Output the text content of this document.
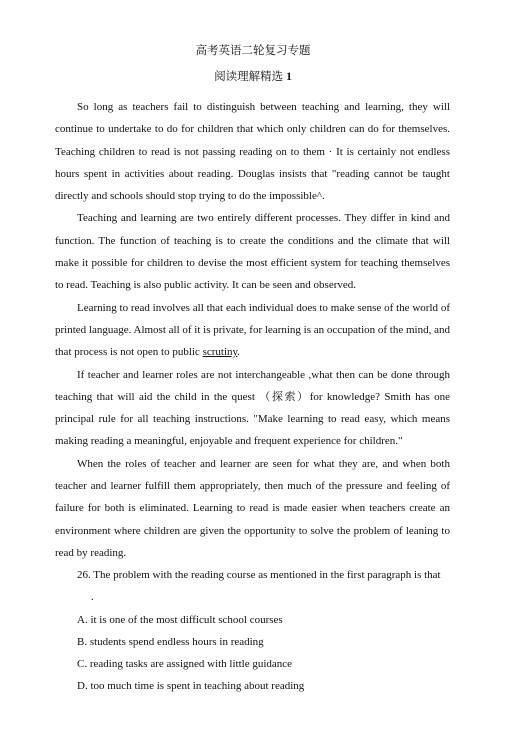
高考英语二轮复习专题
阅读理解精选 1

So long as teachers fail to distinguish between teaching and learning, they will continue to undertake to do for children that which only children can do for themselves. Teaching children to read is not passing reading on to them · It is certainly not endless hours spent in activities about reading. Douglas insists that "reading cannot be taught directly and schools should stop trying to do the impossible^.

Teaching and learning are two entirely different processes. They differ in kind and function. The function of teaching is to create the conditions and the climate that will make it possible for children to devise the most efficient system for teaching themselves to read. Teaching is also public activity. It can be seen and observed.

Learning to read involves all that each individual does to make sense of the world of printed language. Almost all of it is private, for learning is an occupation of the mind, and that process is not open to public scrutiny.

If teacher and learner roles are not interchangeable ,what then can be done through teaching that will aid the child in the quest （探索）for knowledge? Smith has one principal rule for all teaching instructions. "Make learning to read easy, which means making reading a meaningful, enjoyable and frequent experience for children."

When the roles of teacher and learner are seen for what they are, and when both teacher and learner fulfill them appropriately, then much of the pressure and feeling of failure for both is eliminated. Learning to read is made easier when teachers create an environment where children are given the opportunity to solve the problem of leaning to read by reading.

26. The problem with the reading course as mentioned in the first paragraph is that

.

A. it is one of the most difficult school courses

B. students spend endless hours in reading

C. reading tasks are assigned with little guidance

D. too much time is spent in teaching about reading
